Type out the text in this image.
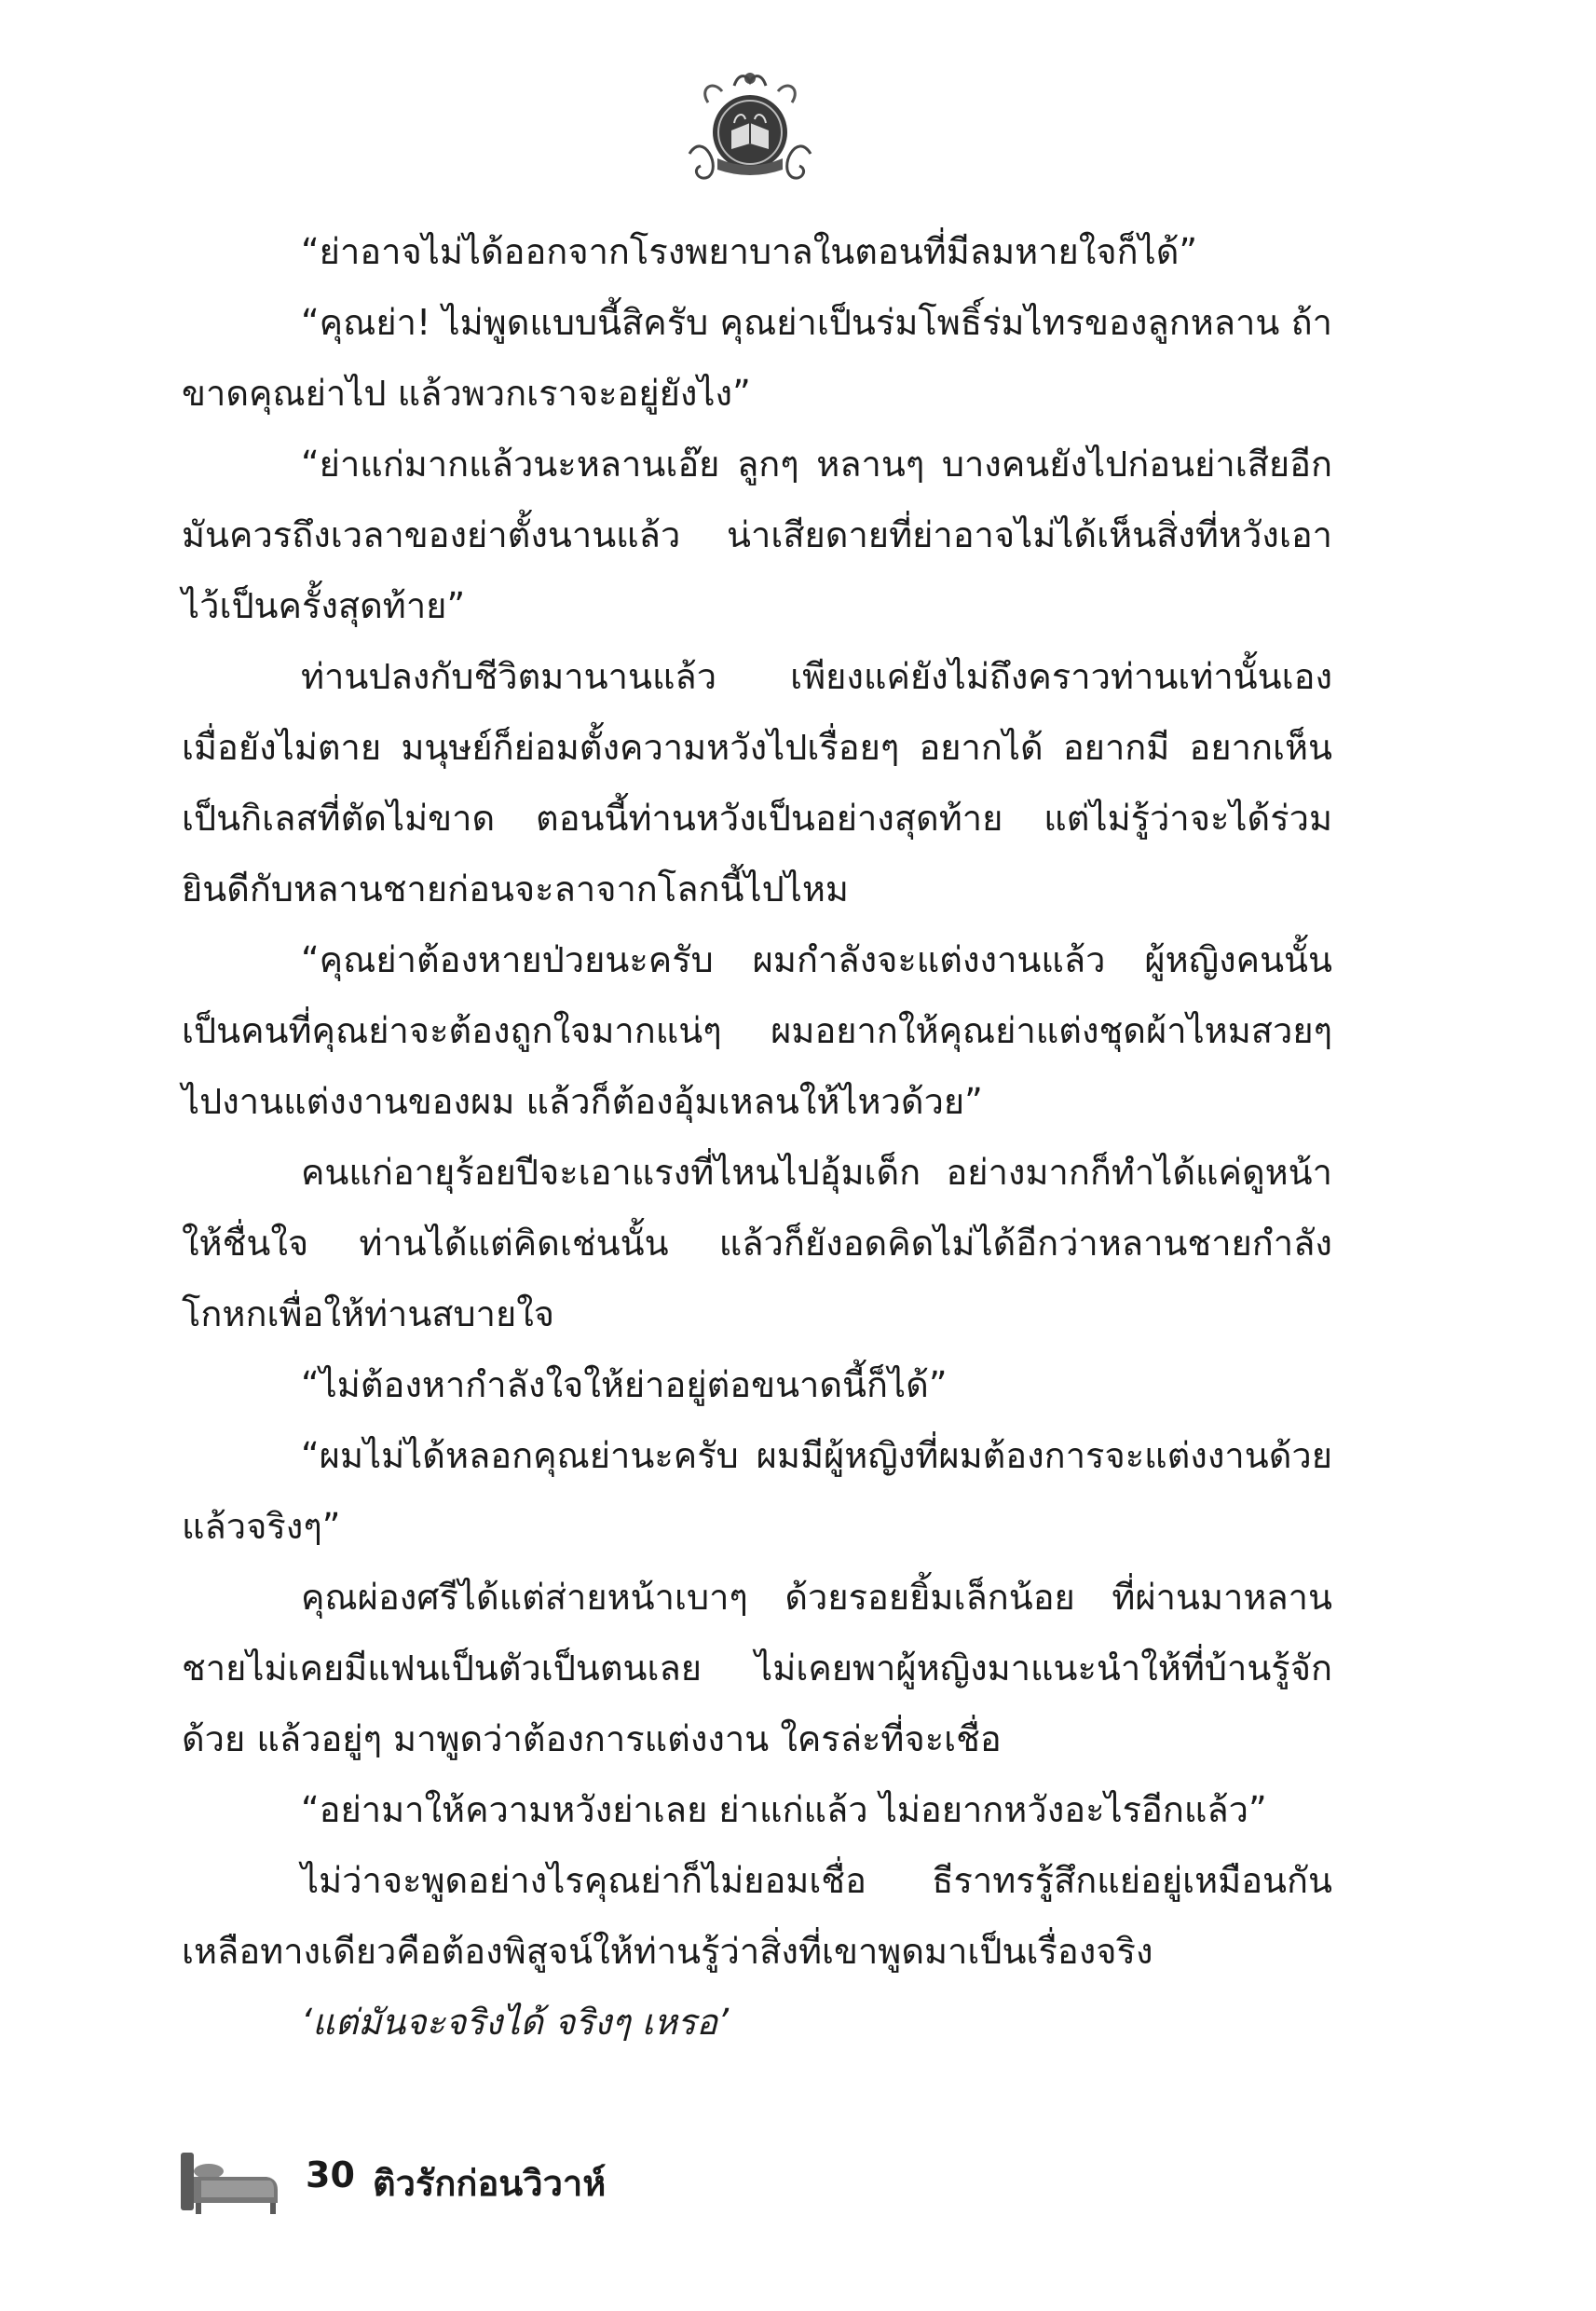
“ย่าอาจไม่ได้ออกจากโรงพยาบาลในตอนที่มีลมหายใจก็ได้”

“คุณย่า! ไม่พูดแบบนี้สิครับ คุณย่าเป็นร่มโพธิ์ร่มไทรของลูกหลาน ถ้าขาดคุณย่าไป แล้วพวกเราจะอยู่ยังไง”

“ย่าแก่มากแล้วนะหลานเอ๊ย ลูกๆ หลานๆ บางคนยังไปก่อนย่าเสียอีก มันควรถึงเวลาของย่าตั้งนานแล้ว น่าเสียดายที่ย่าอาจไม่ได้เห็นสิ่งที่หวังเอาไว้เป็นครั้งสุดท้าย”

ท่านปลงกับชีวิตมานานแล้ว เพียงแค่ยังไม่ถึงคราวท่านเท่านั้นเอง เมื่อยังไม่ตาย มนุษย์ก็ย่อมตั้งความหวังไปเรื่อยๆ อยากได้ อยากมี อยากเห็น เป็นกิเลสที่ตัดไม่ขาด ตอนนี้ท่านหวังเป็นอย่างสุดท้าย แต่ไม่รู้ว่าจะได้ร่วมยินดีกับหลานชายก่อนจะลาจากโลกนี้ไปไหม

“คุณย่าต้องหายป่วยนะครับ ผมกำลังจะแต่งงานแล้ว ผู้หญิงคนนั้นเป็นคนที่คุณย่าจะต้องถูกใจมากแน่ๆ ผมอยากให้คุณย่าแต่งชุดผ้าไหมสวยๆ ไปงานแต่งงานของผม แล้วก็ต้องอุ้มเหลนให้ไหวด้วย”

คนแก่อายุร้อยปีจะเอาแรงที่ไหนไปอุ้มเด็ก อย่างมากก็ทำได้แค่ดูหน้าให้ชื่นใจ ท่านได้แต่คิดเช่นนั้น แล้วก็ยังอดคิดไม่ได้อีกว่าหลานชายกำลังโกหกเพื่อให้ท่านสบายใจ

“ไม่ต้องหากำลังใจให้ย่าอยู่ต่อขนาดนี้ก็ได้”

“ผมไม่ได้หลอกคุณย่านะครับ ผมมีผู้หญิงที่ผมต้องการจะแต่งงานด้วยแล้วจริงๆ”

คุณผ่องศรีได้แต่ส่ายหน้าเบาๆ ด้วยรอยยิ้มเล็กน้อย ที่ผ่านมาหลานชายไม่เคยมีแฟนเป็นตัวเป็นตนเลย ไม่เคยพาผู้หญิงมาแนะนำให้ที่บ้านรู้จักด้วย แล้วอยู่ๆ มาพูดว่าต้องการแต่งงาน ใครล่ะที่จะเชื่อ

“อย่ามาให้ความหวังย่าเลย ย่าแก่แล้ว ไม่อยากหวังอะไรอีกแล้ว”

ไม่ว่าจะพูดอย่างไรคุณย่าก็ไม่ยอมเชื่อ ธีราทรรู้สึกแย่อยู่เหมือนกัน เหลือทางเดียวคือต้องพิสูจน์ให้ท่านรู้ว่าสิ่งที่เขาพูดมาเป็นเรื่องจริง

‘แต่มันจะจริงได้ จริงๆ เหรอ’

30 ติวรักก่อนวิวาห์
